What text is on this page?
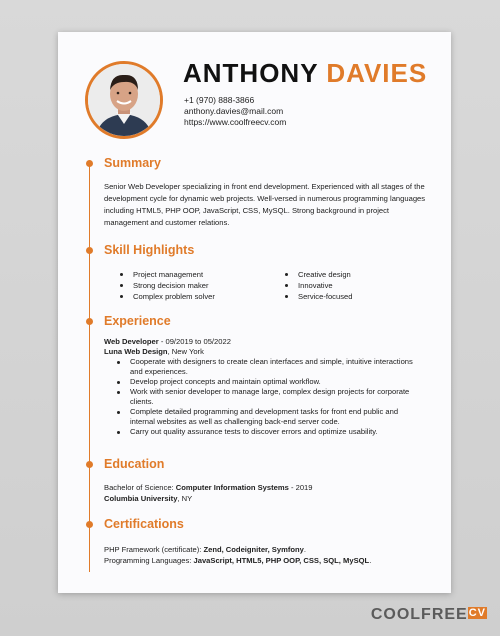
ANTHONY DAVIES
+1 (970) 888-3866
anthony.davies@mail.com
https://www.coolfreecv.com
Summary
Senior Web Developer specializing in front end development. Experienced with all stages of the development cycle for dynamic web projects. Well-versed in numerous programming languages including HTML5, PHP OOP, JavaScript, CSS, MySQL. Strong background in project management and customer relations.
Skill Highlights
Project management
Strong decision maker
Complex problem solver
Creative design
Innovative
Service-focused
Experience
Web Developer - 09/2019 to 05/2022
Luna Web Design, New York
Cooperate with designers to create clean interfaces and simple, intuitive interactions and experiences.
Develop project concepts and maintain optimal workflow.
Work with senior developer to manage large, complex design projects for corporate clients.
Complete detailed programming and development tasks for front end public and internal websites as well as challenging back-end server code.
Carry out quality assurance tests to discover errors and optimize usability.
Education
Bachelor of Science: Computer Information Systems - 2019
Columbia University, NY
Certifications
PHP Framework (certificate): Zend, Codeigniter, Symfony.
Programming Languages: JavaScript, HTML5, PHP OOP, CSS, SQL, MySQL.
COOLFREECV
